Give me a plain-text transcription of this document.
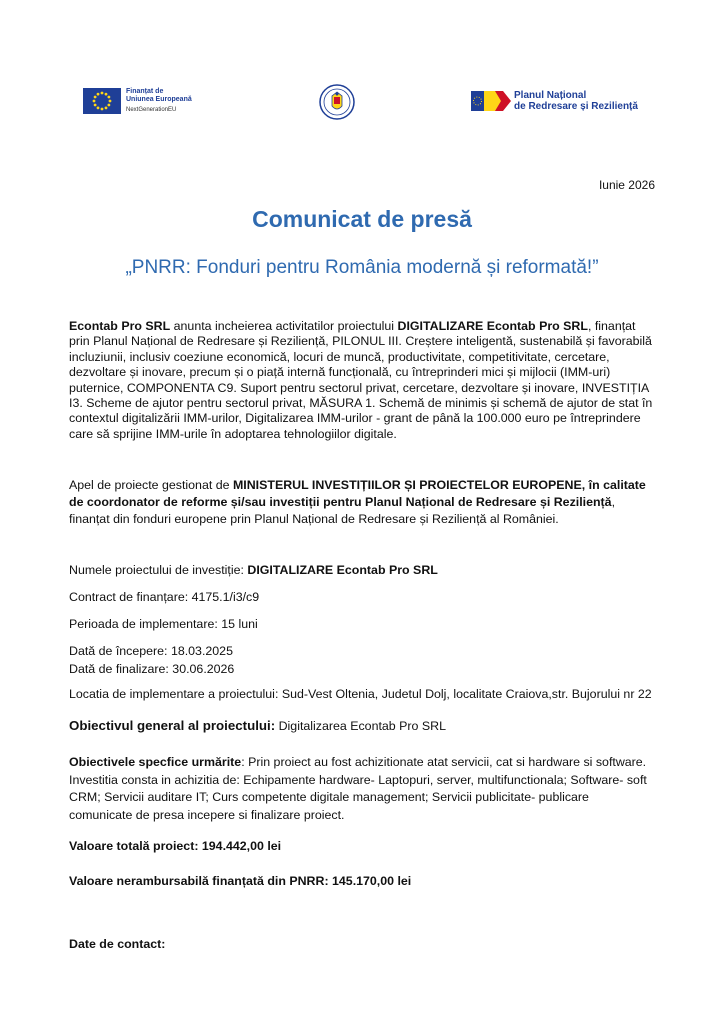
Finanțat de
Uniunea Europeană
NextGenerationEU
Planul Național
de Redresare și Reziliență
Iunie 2026
Comunicat de presă
„PNRR: Fonduri pentru România modernă și reformată!”
Econtab Pro SRL anunta incheierea activitatilor proiectului DIGITALIZARE Econtab Pro SRL, finanțat prin Planul Național de Redresare și Reziliență, PILONUL III. Creștere inteligentă, sustenabilă și favorabilă incluziunii, inclusiv coeziune economică, locuri de muncă, productivitate, competitivitate, cercetare, dezvoltare și inovare, precum și o piață internă funcțională, cu întreprinderi mici și mijlocii (IMM-uri) puternice, COMPONENTA C9. Suport pentru sectorul privat, cercetare, dezvoltare și inovare, INVESTIȚIA I3. Scheme de ajutor pentru sectorul privat, MĂSURA 1. Schemă de minimis și schemă de ajutor de stat în contextul digitalizării IMM-urilor, Digitalizarea IMM-urilor - grant de până la 100.000 euro pe întreprindere care să sprijine IMM-urile în adoptarea tehnologiilor digitale.
Apel de proiecte gestionat de MINISTERUL INVESTIȚIILOR ȘI PROIECTELOR EUROPENE, în calitate de coordonator de reforme și/sau investiții pentru Planul Național de Redresare și Reziliență, finanțat din fonduri europene prin Planul Național de Redresare și Reziliență al României.
Numele proiectului de investiție: DIGITALIZARE Econtab Pro SRL
Contract de finanțare: 4175.1/i3/c9
Perioada de implementare: 15 luni
Dată de începere: 18.03.2025
Dată de finalizare: 30.06.2026
Locatia de implementare a proiectului: Sud-Vest Oltenia, Judetul Dolj, localitate Craiova,str. Bujorului nr 22
Obiectivul general al proiectului: Digitalizarea Econtab Pro SRL
Obiectivele specfice urmărite: Prin proiect au fost achizitionate atat servicii, cat si hardware si software. Investitia consta in achizitia de: Echipamente hardware‐ Laptopuri, server, multifunctionala; Software‐ soft CRM; Servicii auditare IT; Curs competente digitale management; Servicii publicitate‐ publicare comunicate de presa incepere si finalizare proiect.
Valoare totală proiect: 194.442,00 lei
Valoare nerambursabilă finanțată din PNRR: 145.170,00 lei
Date de contact:
